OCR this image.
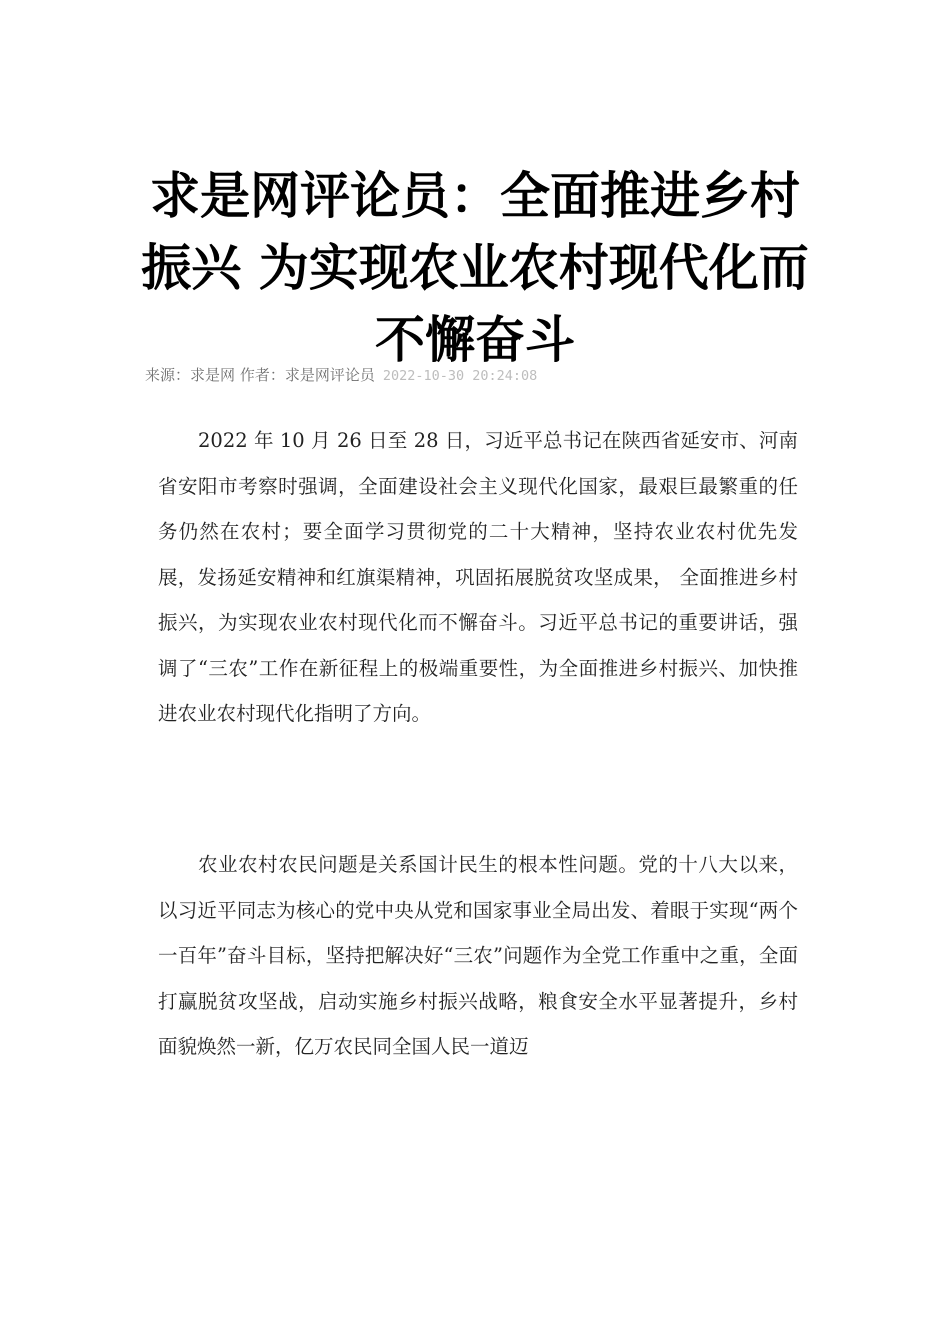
求是网评论员：全面推进乡村振兴 为实现农业农村现代化而不懈奋斗
来源：求是网 作者：求是网评论员 2022-10-30 20:24:08

2022 年 10 月 26 日至 28 日，习近平总书记在陕西省延安市、河南省安阳市考察时强调，全面建设社会主义现代化国家，最艰巨最繁重的任务仍然在农村；要全面学习贯彻党的二十大精神，坚持农业农村优先发展，发扬延安精神和红旗渠精神，巩固拓展脱贫攻坚成果， 全面推进乡村振兴，为实现农业农村现代化而不懈奋斗。习近平总书记的重要讲话，强调了“三农”工作在新征程上的极端重要性，为全面推进乡村振兴、加快推进农业农村现代化指明了方向。

农业农村农民问题是关系国计民生的根本性问题。党的十八大以来，以习近平同志为核心的党中央从党和国家事业全局出发、着眼于实现“两个一百年”奋斗目标，坚持把解决好“三农”问题作为全党工作重中之重，全面打赢脱贫攻坚战，启动实施乡村振兴战略，粮食安全水平显著提升，乡村面貌焕然一新，亿万农民同全国人民一道迈
